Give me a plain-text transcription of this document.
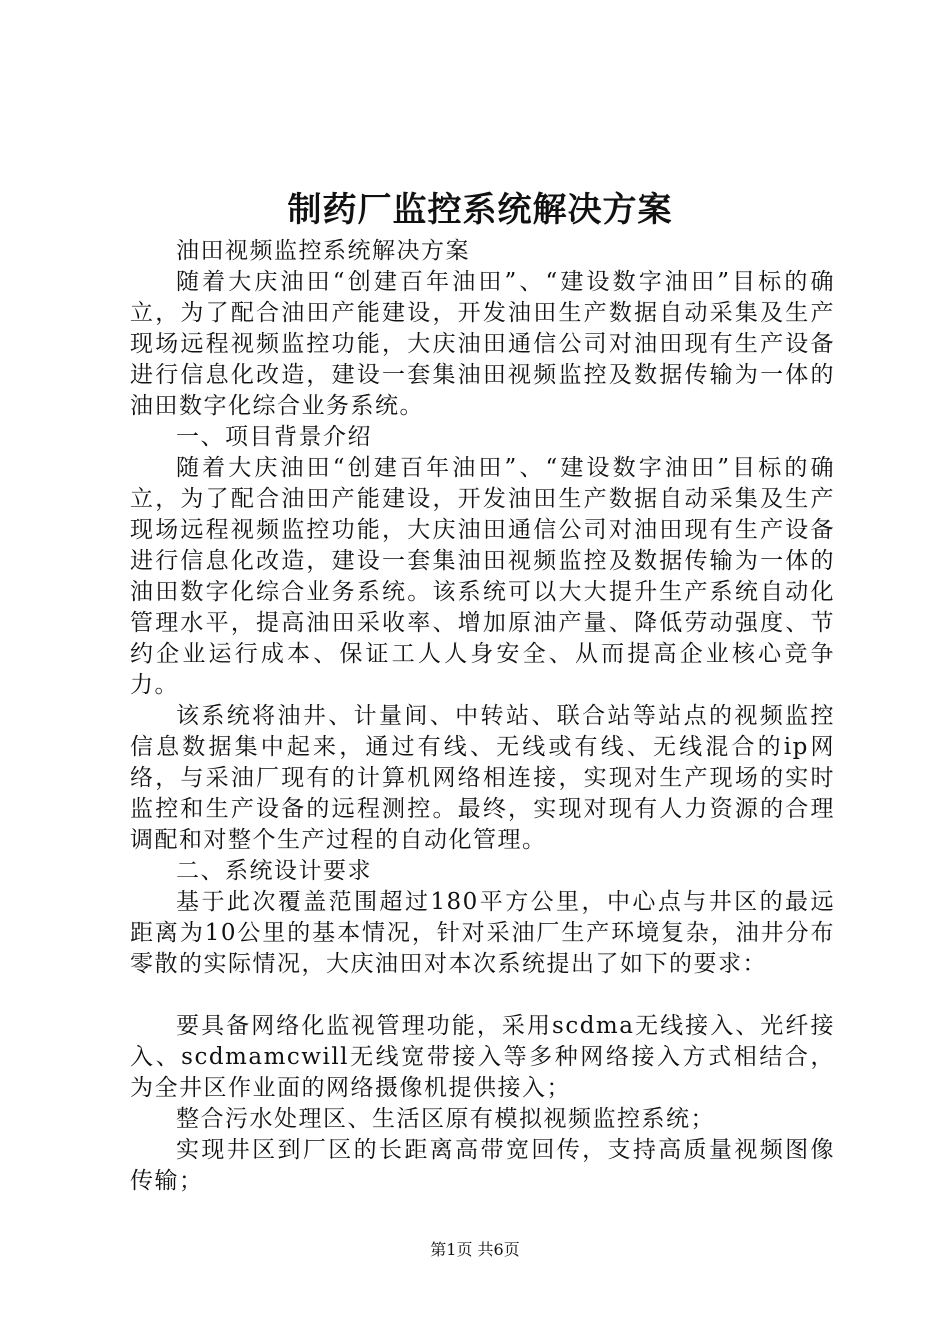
制药厂监控系统解决方案

油田视频监控系统解决方案

随着大庆油田“创建百年油田”、“建设数字油田”目标的确立，为了配合油田产能建设，开发油田生产数据自动采集及生产现场远程视频监控功能，大庆油田通信公司对油田现有生产设备进行信息化改造，建设一套集油田视频监控及数据传输为一体的油田数字化综合业务系统。

一、项目背景介绍

随着大庆油田“创建百年油田”、“建设数字油田”目标的确立，为了配合油田产能建设，开发油田生产数据自动采集及生产现场远程视频监控功能，大庆油田通信公司对油田现有生产设备进行信息化改造，建设一套集油田视频监控及数据传输为一体的油田数字化综合业务系统。该系统可以大大提升生产系统自动化管理水平，提高油田采收率、增加原油产量、降低劳动强度、节约企业运行成本、保证工人人身安全、从而提高企业核心竞争力。

该系统将油井、计量间、中转站、联合站等站点的视频监控信息数据集中起来，通过有线、无线或有线、无线混合的ip网络，与采油厂现有的计算机网络相连接，实现对生产现场的实时监控和生产设备的远程测控。最终，实现对现有人力资源的合理调配和对整个生产过程的自动化管理。

二、系统设计要求

基于此次覆盖范围超过180平方公里，中心点与井区的最远距离为10公里的基本情况，针对采油厂生产环境复杂，油井分布零散的实际情况，大庆油田对本次系统提出了如下的要求：

要具备网络化监视管理功能，采用scdma无线接入、光纤接入、scdmamcwill无线宽带接入等多种网络接入方式相结合，为全井区作业面的网络摄像机提供接入；

整合污水处理区、生活区原有模拟视频监控系统；

实现井区到厂区的长距离高带宽回传，支持高质量视频图像传输；

第1页 共6页
